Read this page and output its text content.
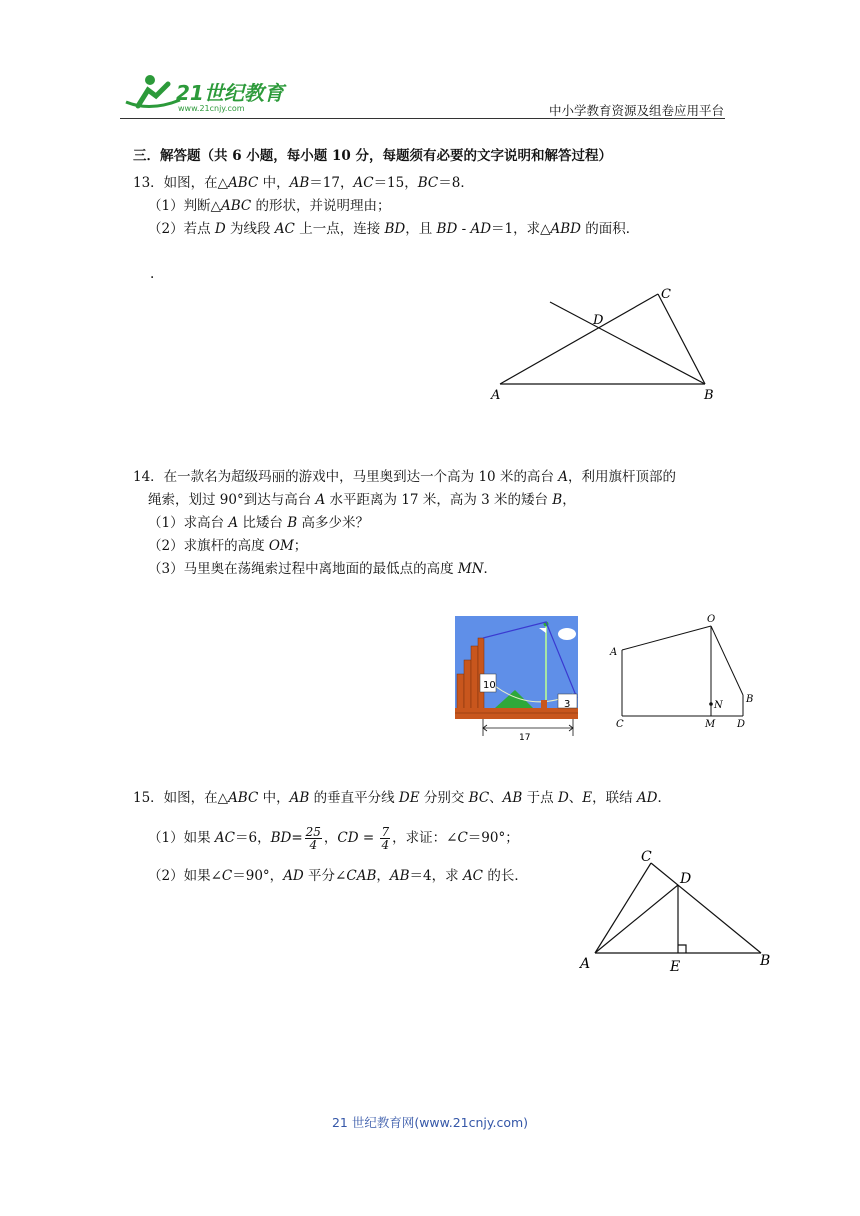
21世纪教育
www.21cnjy.com	中小学教育资源及组卷应用平台
三．解答题（共 6 小题，每小题 10 分，每题须有必要的文字说明和解答过程）
13．如图，在△ABC 中，AB＝17，AC＝15，BC＝8．
（1）判断△ABC 的形状，并说明理由；
（2）若点 D 为线段 AC 上一点，连接 BD，且 BD ‑ AD＝1，求△ABD 的面积．
.
A	B
C
D
14．在一款名为超级玛丽的游戏中，马里奥到达一个高为 10 米的高台 A，利用旗杆顶部的
绳索，划过 90°到达与高台 A 水平距离为 17 米，高为 3 米的矮台 B，
（1）求高台 A 比矮台 B 高多少米？
（2）求旗杆的高度 OM；
（3）马里奥在荡绳索过程中离地面的最低点的高度 MN．
10
3
17
O
A
N
B
C	M D
15．如图，在△ABC 中，AB 的垂直平分线 DE 分别交 BC、AB 于点 D、E，联结 AD．
（1）如果 AC＝6，$BD= \frac{25}{4}$ ，CD = $\frac{7}{4}$ ，求证：∠C＝90°；
（2）如果∠C＝90°，AD 平分∠CAB，AB＝4，求 AC 的长．
A	B
C
D
E
21 世纪教育网(www.21cnjy.com)
